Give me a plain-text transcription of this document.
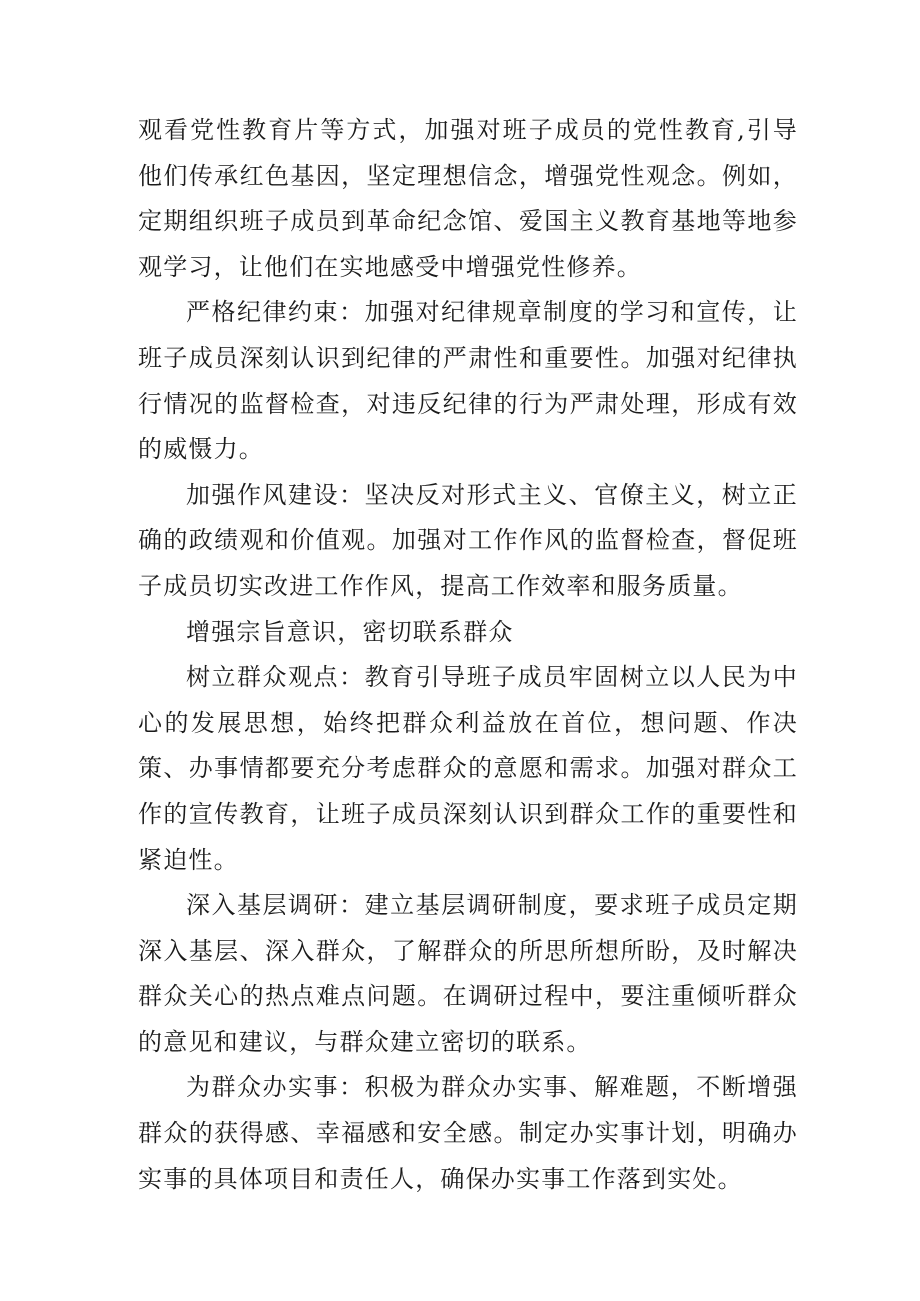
观看党性教育片等方式，加强对班子成员的党性教育,引导他们传承红色基因，坚定理想信念，增强党性观念。例如，定期组织班子成员到革命纪念馆、爱国主义教育基地等地参观学习，让他们在实地感受中增强党性修养。

严格纪律约束：加强对纪律规章制度的学习和宣传，让班子成员深刻认识到纪律的严肃性和重要性。加强对纪律执行情况的监督检查，对违反纪律的行为严肃处理，形成有效的威慑力。

加强作风建设：坚决反对形式主义、官僚主义，树立正确的政绩观和价值观。加强对工作作风的监督检查，督促班子成员切实改进工作作风，提高工作效率和服务质量。

增强宗旨意识，密切联系群众

树立群众观点：教育引导班子成员牢固树立以人民为中心的发展思想，始终把群众利益放在首位，想问题、作决策、办事情都要充分考虑群众的意愿和需求。加强对群众工作的宣传教育，让班子成员深刻认识到群众工作的重要性和紧迫性。

深入基层调研：建立基层调研制度，要求班子成员定期深入基层、深入群众，了解群众的所思所想所盼，及时解决群众关心的热点难点问题。在调研过程中，要注重倾听群众的意见和建议，与群众建立密切的联系。

为群众办实事：积极为群众办实事、解难题，不断增强群众的获得感、幸福感和安全感。制定办实事计划，明确办实事的具体项目和责任人，确保办实事工作落到实处。
